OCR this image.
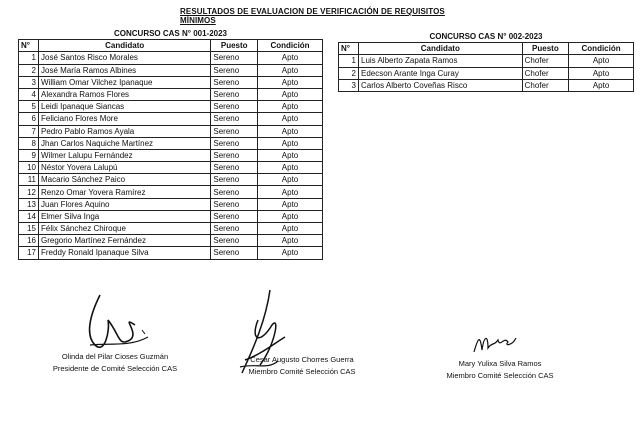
RESULTADOS DE EVALUACION DE VERIFICACIÓN DE REQUISITOS MÍNIMOS
CONCURSO CAS N° 001-2023			
N°	Candidato	Puesto	Condición
1	José Santos Risco Morales	Sereno	Apto
2	José María Ramos Albines	Sereno	Apto
3	William Omar Vilchez Ipanaque	Sereno	Apto
4	Alexandra Ramos Flores	Sereno	Apto
5	Leidi Ipanaque Siancas	Sereno	Apto
6	Feliciano Flores More	Sereno	Apto
7	Pedro Pablo Ramos Ayala	Sereno	Apto
8	Jhan Carlos Naquiche Martínez	Sereno	Apto
9	Wilmer Lalupu Fernández	Sereno	Apto
10	Néstor Yovera Lalupú	Sereno	Apto
11	Macario Sánchez Paico	Sereno	Apto
12	Renzo Omar Yovera Ramírez	Sereno	Apto
13	Juan Flores Aquino	Sereno	Apto
14	Elmer Silva Inga	Sereno	Apto
15	Félix Sánchez Chiroque	Sereno	Apto
16	Gregorio Martínez Fernández	Sereno	Apto
17	Freddy Ronald Ipanaque Silva	Sereno	Apto
CONCURSO CAS N° 002-2023			
N°	Candidato	Puesto	Condición
1	Luis Alberto Zapata Ramos	Chofer	Apto
2	Edecson Arante Inga Curay	Chofer	Apto
3	Carlos Alberto Coveñas Risco	Chofer	Apto
Olinda del Pilar Cioses Guzmán
Presidente de Comité Selección CAS
Cesar Augusto Chorres Guerra
Miembro Comité Selección CAS
Mary Yulixa Silva Ramos
Miembro Comité Selección CAS
